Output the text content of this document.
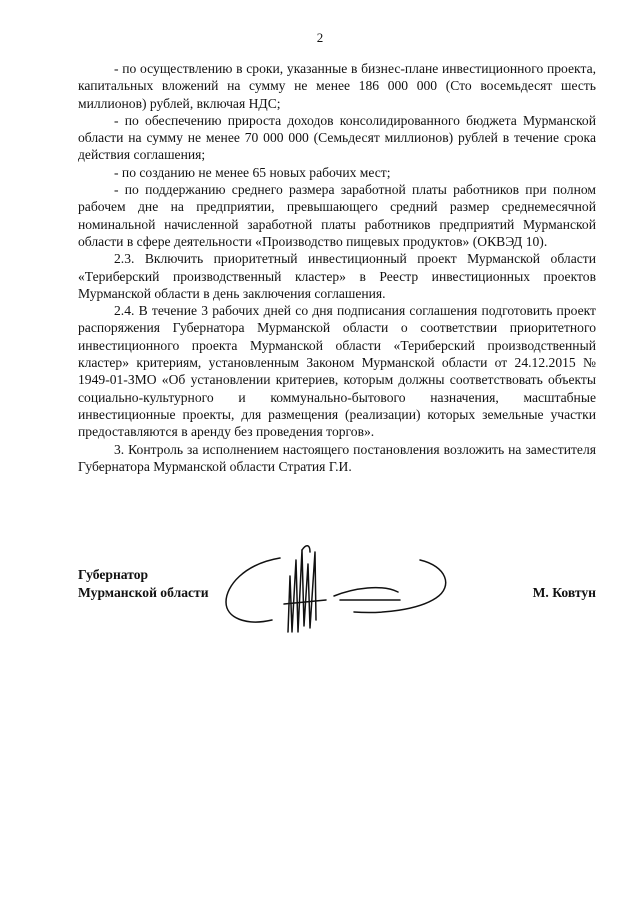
2

- по осуществлению в сроки, указанные в бизнес-плане инвестиционного проекта, капитальных вложений на сумму не менее 186 000 000 (Сто восемьдесят шесть миллионов) рублей, включая НДС;

- по обеспечению прироста доходов консолидированного бюджета Мурманской области на сумму не менее 70 000 000 (Семьдесят миллионов) рублей в течение срока действия соглашения;

- по созданию не менее 65 новых рабочих мест;

- по поддержанию среднего размера заработной платы работников при полном рабочем дне на предприятии, превышающего средний размер среднемесячной номинальной начисленной заработной платы работников предприятий Мурманской области в сфере деятельности «Производство пищевых продуктов» (ОКВЭД 10).

2.3. Включить приоритетный инвестиционный проект Мурманской области «Териберский производственный кластер» в Реестр инвестиционных проектов Мурманской области в день заключения соглашения.

2.4. В течение 3 рабочих дней со дня подписания соглашения подготовить проект распоряжения Губернатора Мурманской области о соответствии приоритетного инвестиционного проекта Мурманской области «Териберский производственный кластер» критериям, установленным Законом Мурманской области от 24.12.2015 № 1949-01-ЗМО «Об установлении критериев, которым должны соответствовать объекты социально-культурного и коммунально-бытового назначения, масштабные инвестиционные проекты, для размещения (реализации) которых земельные участки предоставляются в аренду без проведения торгов».

3. Контроль за исполнением настоящего постановления возложить на заместителя Губернатора Мурманской области Стратия Г.И.

Губернатор
Мурманской области	М. Ковтун
